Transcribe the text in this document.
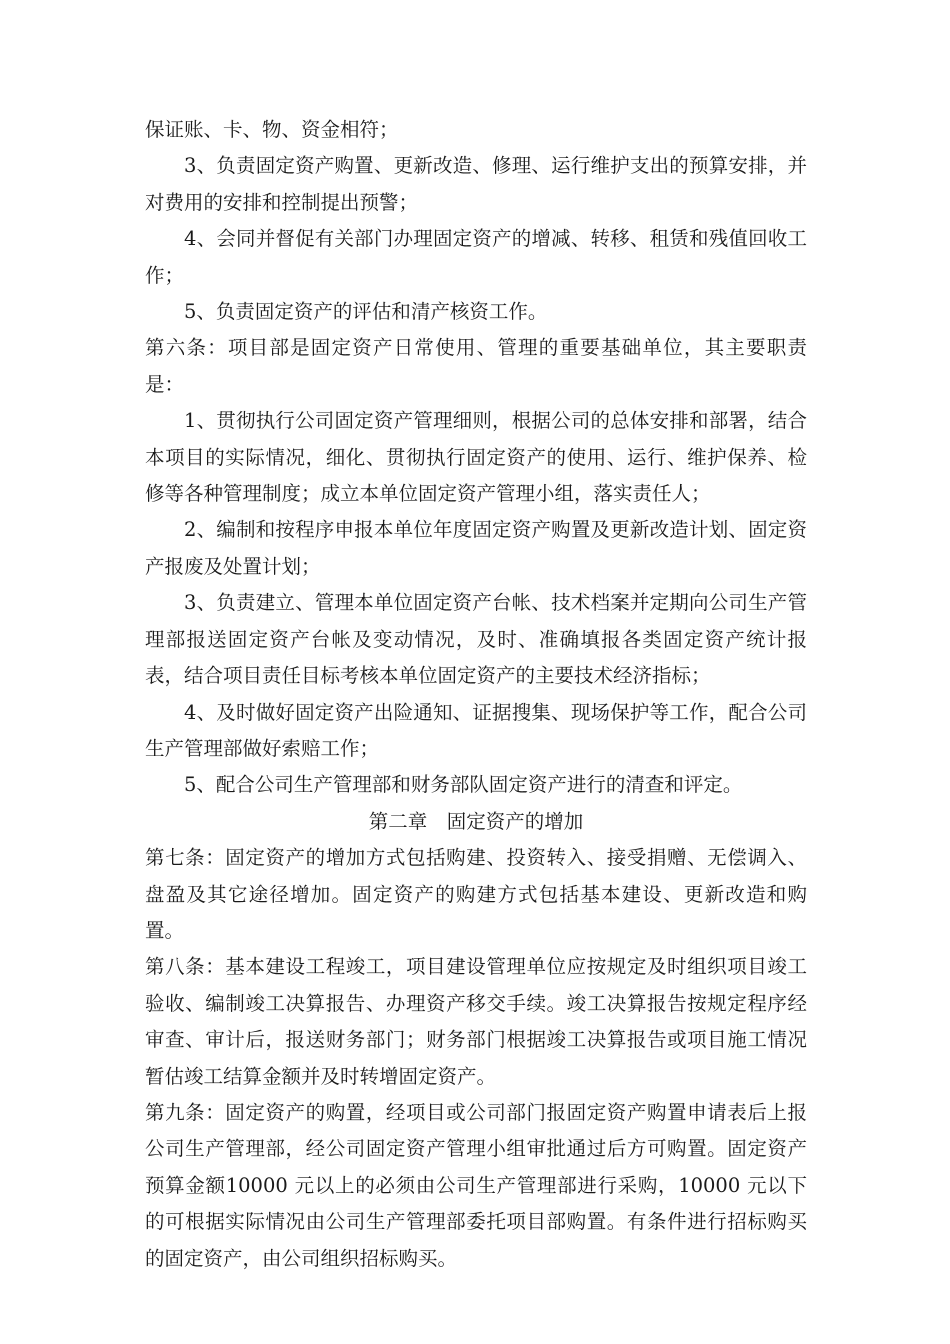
保证账、卡、物、资金相符；

3、负责固定资产购置、更新改造、修理、运行维护支出的预算安排，并对费用的安排和控制提出预警；

4、会同并督促有关部门办理固定资产的增减、转移、租赁和残值回收工作；

5、负责固定资产的评估和清产核资工作。

第六条：项目部是固定资产日常使用、管理的重要基础单位，其主要职责是：

1、贯彻执行公司固定资产管理细则，根据公司的总体安排和部署，结合本项目的实际情况，细化、贯彻执行固定资产的使用、运行、维护保养、检修等各种管理制度；成立本单位固定资产管理小组，落实责任人；

2、编制和按程序申报本单位年度固定资产购置及更新改造计划、固定资产报废及处置计划；

3、负责建立、管理本单位固定资产台帐、技术档案并定期向公司生产管理部报送固定资产台帐及变动情况，及时、准确填报各类固定资产统计报表，结合项目责任目标考核本单位固定资产的主要技术经济指标；

4、及时做好固定资产出险通知、证据搜集、现场保护等工作，配合公司生产管理部做好索赔工作；

5、配合公司生产管理部和财务部队固定资产进行的清查和评定。

第二章　固定资产的增加

第七条：固定资产的增加方式包括购建、投资转入、接受捐赠、无偿调入、盘盈及其它途径增加。固定资产的购建方式包括基本建设、更新改造和购置。

第八条：基本建设工程竣工，项目建设管理单位应按规定及时组织项目竣工验收、编制竣工决算报告、办理资产移交手续。竣工决算报告按规定程序经审查、审计后，报送财务部门；财务部门根据竣工决算报告或项目施工情况暂估竣工结算金额并及时转增固定资产。

第九条：固定资产的购置，经项目或公司部门报固定资产购置申请表后上报公司生产管理部，经公司固定资产管理小组审批通过后方可购置。固定资产预算金额10000 元以上的必须由公司生产管理部进行采购，10000 元以下的可根据实际情况由公司生产管理部委托项目部购置。有条件进行招标购买的固定资产，由公司组织招标购买。
